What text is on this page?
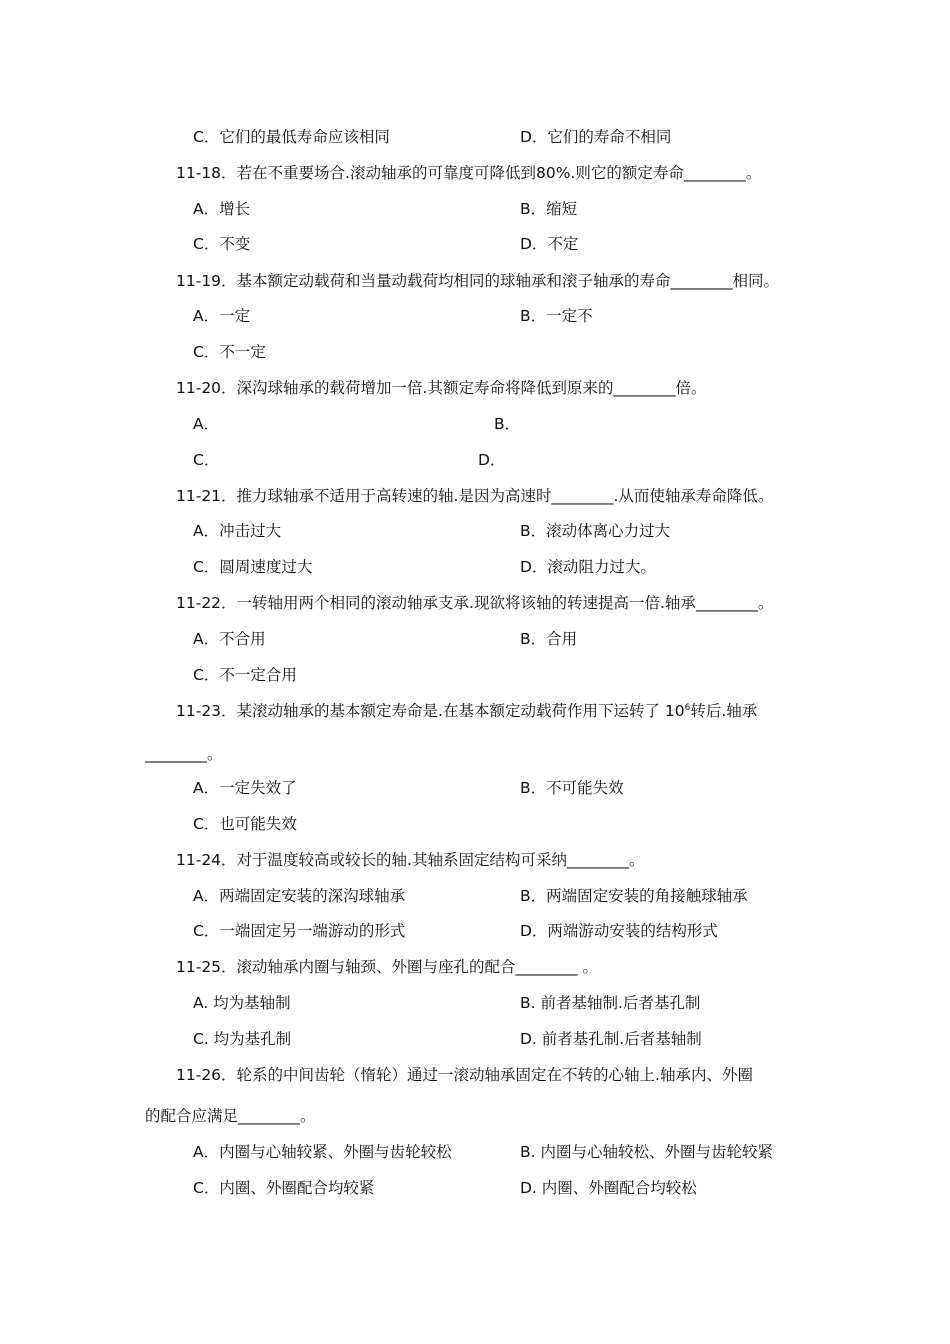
C．它们的最低寿命应该相同	D．它们的寿命不相同
11-18．若在不重要场合.滚动轴承的可靠度可降低到80%.则它的额定寿命________。
A．增长	B．缩短
C．不变	D．不定
11-19．基本额定动载荷和当量动载荷均相同的球轴承和滚子轴承的寿命________相同。
A．一定	B．一定不
C．不一定
11-20．深沟球轴承的载荷增加一倍.其额定寿命将降低到原来的________倍。
A．	B．
C．	D．
11-21．推力球轴承不适用于高转速的轴.是因为高速时________.从而使轴承寿命降低。
A．冲击过大	B．滚动体离心力过大
C．圆周速度过大	D．滚动阻力过大。
11-22．一转轴用两个相同的滚动轴承支承.现欲将该轴的转速提高一倍.轴承________。
A．不合用	B．合用
C．不一定合用
11-23．某滚动轴承的基本额定寿命是.在基本额定动载荷作用下运转了 $10^6$转后.轴承
________。
A．一定失效了	B．不可能失效
C．也可能失效
11-24．对于温度较高或较长的轴.其轴系固定结构可采纳________。
A．两端固定安装的深沟球轴承	B．两端固定安装的角接触球轴承
C．一端固定另一端游动的形式	D．两端游动安装的结构形式
11-25．滚动轴承内圈与轴颈、外圈与座孔的配合________ 。
A. 均为基轴制	B. 前者基轴制.后者基孔制
C. 均为基孔制	D. 前者基孔制.后者基轴制
11-26．轮系的中间齿轮（惰轮）通过一滚动轴承固定在不转的心轴上.轴承内、外圈
的配合应满足________。
A．内圈与心轴较紧、外圈与齿轮较松	B. 内圈与心轴较松、外圈与齿轮较紧
C．内圈、外圈配合均较紧	D. 内圈、外圈配合均较松
